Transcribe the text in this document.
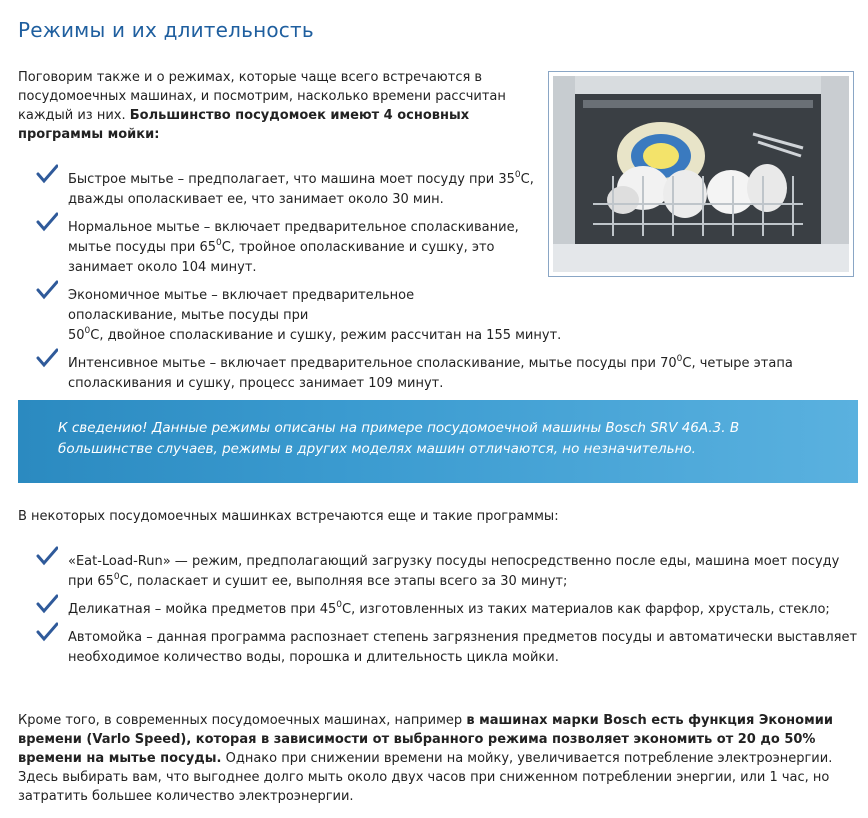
Режимы и их длительность

Поговорим также и о режимах, которые чаще всего встречаются в посудомоечных машинах, и посмотрим, насколько времени рассчитан каждый из них. Большинство посудомоек имеют 4 основных программы мойки:

Быстрое мытье – предполагает, что машина моет посуду при $35^0С$, дважды ополаскивает ее, что занимает около 30 мин.
Нормальное мытье – включает предварительное споласкивание, мытье посуды при $65^0С$, тройное ополаскивание и сушку, это занимает около 104 минут.
Экономичное мытье – включает предварительное ополаскивание, мытье посуды при $50^0С$, двойное споласкивание и сушку, режим рассчитан на 155 минут.
Интенсивное мытье – включает предварительное споласкивание, мытье посуды при $70^0С$, четыре этапа споласкивания и сушку, процесс занимает 109 минут.
К сведению! Данные режимы описаны на примере посудомоечной машины Bosch SRV 46A.3. В большинстве случаев, режимы в других моделях машин отличаются, но незначительно.

В некоторых посудомоечных машинках встречаются еще и такие программы:

«Eat-Load-Run» — режим, предполагающий загрузку посуды непосредственно после еды, машина моет посуду при $65^0С$, поласкает и сушит ее, выполняя все этапы всего за 30 минут;
Деликатная – мойка предметов при $45^0С$, изготовленных из таких материалов как фарфор, хрусталь, стекло;
Автомойка – данная программа распознает степень загрязнения предметов посуды и автоматически выставляет необходимое количество воды, порошка и длительность цикла мойки.

Кроме того, в современных посудомоечных машинах, например в машинах марки Bosch есть функция Экономии времени (Varlo Speed), которая в зависимости от выбранного режима позволяет экономить от 20 до 50% времени на мытье посуды. Однако при снижении времени на мойку, увеличивается потребление электроэнергии. Здесь выбирать вам, что выгоднее долго мыть около двух часов при сниженном потреблении энергии, или 1 час, но затратить большее количество электроэнергии.
